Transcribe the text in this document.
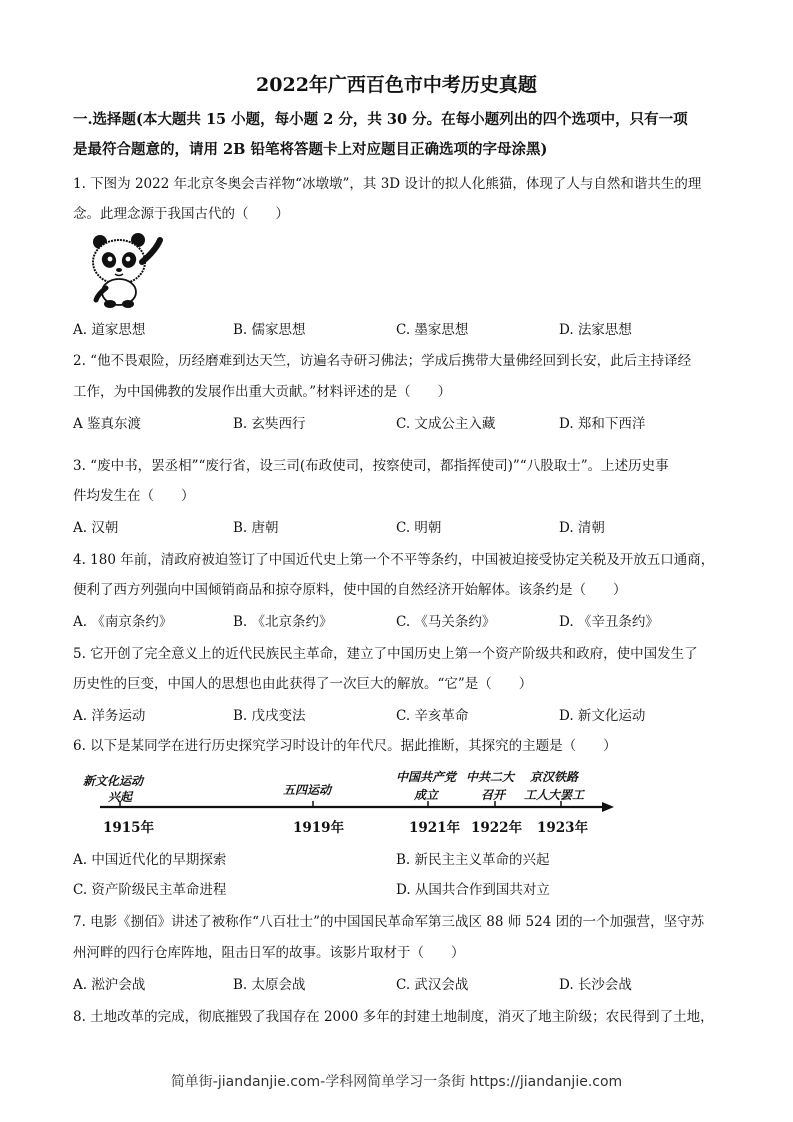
2022年广西百色市中考历史真题
一.选择题(本大题共 15 小题，每小题 2 分，共 30 分。在每小题列出的四个选项中，只有一项
是最符合题意的，请用 2B 铅笔将答题卡上对应题目正确选项的字母涂黑)
1. 下图为 2022 年北京冬奥会吉祥物“冰墩墩”，其 3D 设计的拟人化熊猫，体现了人与自然和谐共生的理
念。此理念源于我国古代的（　　）
A. 道家思想	B. 儒家思想	C. 墨家思想	D. 法家思想
2. “他不畏艰险，历经磨难到达天竺，访遍名寺研习佛法；学成后携带大量佛经回到长安，此后主持译经
工作，为中国佛教的发展作出重大贡献。”材料评述的是（　　）
A 鉴真东渡	B. 玄奘西行	C. 文成公主入藏	D. 郑和下西洋
3. “废中书，罢丞相”“废行省，设三司(布政使司，按察使司，都指挥使司)”“八股取士”。上述历史事
件均发生在（　　）
A. 汉朝	B. 唐朝	C. 明朝	D. 清朝
4. 180 年前，清政府被迫签订了中国近代史上第一个不平等条约，中国被迫接受协定关税及开放五口通商，
便利了西方列强向中国倾销商品和掠夺原料，使中国的自然经济开始解体。该条约是（　　）
A. 《南京条约》	B. 《北京条约》	C. 《马关条约》	D. 《辛丑条约》
5. 它开创了完全意义上的近代民族民主革命，建立了中国历史上第一个资产阶级共和政府，使中国发生了
历史性的巨变，中国人的思想也由此获得了一次巨大的解放。“它”是（　　）
A. 洋务运动	B. 戊戌变法	C. 辛亥革命	D. 新文化运动
6. 以下是某同学在进行历史探究学习时设计的年代尺。据此推断，其探究的主题是（　　）
新文化运动
兴起
1915年
五四运动
1919年
中国共产党
成立
1921年
中共二大
召开
1922年
京汉铁路
工人大罢工
1923年
A. 中国近代化的早期探索	B. 新民主主义革命的兴起
C. 资产阶级民主革命进程	D. 从国共合作到国共对立
7. 电影《捌佰》讲述了被称作“八百壮士”的中国国民革命军第三战区 88 师 524 团的一个加强营，坚守苏
州河畔的四行仓库阵地，阻击日军的故事。该影片取材于（　　）
A. 淞沪会战	B. 太原会战	C. 武汉会战	D. 长沙会战
8. 土地改革的完成，彻底摧毁了我国存在 2000 多年的封建土地制度，消灭了地主阶级；农民得到了土地，
简单街-jiandanjie.com-学科网简单学习一条街 https://jiandanjie.com
